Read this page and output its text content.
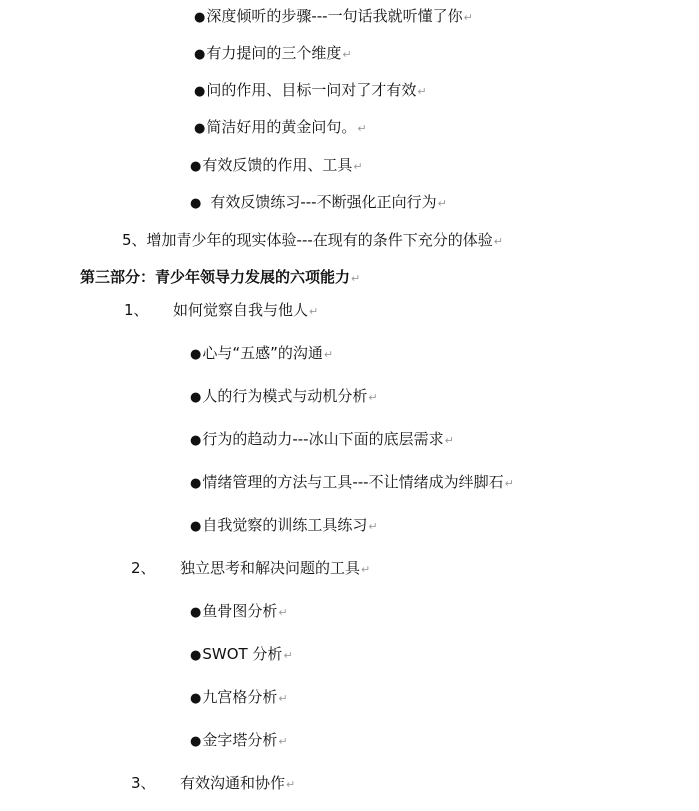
●深度倾听的步骤---一句话我就听懂了你↵
●有力提问的三个维度↵
●问的作用、目标一问对了才有效↵
●简洁好用的黄金问句。↵
●有效反馈的作用、工具↵
● 有效反馈练习---不断强化正向行为↵
5、增加青少年的现实体验---在现有的条件下充分的体验↵
第三部分：青少年领导力发展的六项能力↵
1、 如何觉察自我与他人↵
●心与“五感”的沟通↵
●人的行为模式与动机分析↵
●行为的趋动力---冰山下面的底层需求↵
●情绪管理的方法与工具---不让情绪成为绊脚石↵
●自我觉察的训练工具练习↵
2、 独立思考和解决问题的工具↵
●鱼骨图分析↵
●SWOT 分析↵
●九宫格分析↵
●金字塔分析↵
3、 有效沟通和协作↵
